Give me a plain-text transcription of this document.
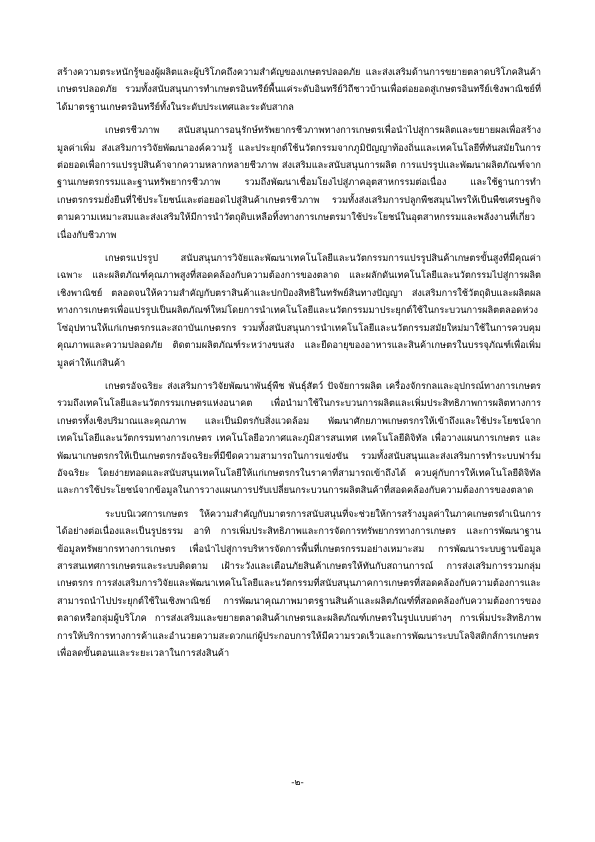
สร้างความตระหนักรู้ของผู้ผลิตและผู้บริโภคถึงความสำคัญของเกษตรปลอดภัย และส่งเสริมด้านการขยายตลาดบริโภคสินค้าเกษตรปลอดภัย รวมทั้งสนับสนุนการทำเกษตรอินทรีย์พื้นแค่ระดับอินทรีย์วิถีชาวบ้านเพื่อต่อยอดสู่เกษตรอินทรีย์เชิงพาณิชย์ที่ได้มาตรฐานเกษตรอินทรีย์ทั้งในระดับประเทศและระดับสากล

เกษตรชีวภาพ สนับสนุนการอนุรักษ์ทรัพยากรชีวภาพทางการเกษตรเพื่อนำไปสู่การผลิตและขยายผลเพื่อสร้างมูลค่าเพิ่ม ส่งเสริมการวิจัยพัฒนาองค์ความรู้ และประยุกต์ใช้นวัตกรรมจากภูมิปัญญาท้องถิ่นและเทคโนโลยีที่ทันสมัยในการต่อยอดเพื่อการแปรรูปสินค้าจากความหลากหลายชีวภาพ ส่งเสริมและสนับสนุนการผลิต การแปรรูปและพัฒนาผลิตภัณฑ์จากฐานเกษตรกรรมและฐานทรัพยากรชีวภาพ รวมถึงพัฒนาเชื่อมโยงไปสู่ภาคอุตสาหกรรมต่อเนื่อง และใช้ฐานการทำเกษตรกรรมยั่งยืนที่ใช้ประโยชน์และต่อยอดไปสู่สินค้าเกษตรชีวภาพ รวมทั้งส่งเสริมการปลูกพืชสมุนไพรให้เป็นพืชเศรษฐกิจตามความเหมาะสมและส่งเสริมให้มีการนำวัตถุดิบเหลือทิ้งทางการเกษตรมาใช้ประโยชน์ในอุตสาหกรรมและพลังงานที่เกี่ยวเนื่องกับชีวภาพ

เกษตรแปรรูป สนับสนุนการวิจัยและพัฒนาเทคโนโลยีและนวัตกรรมการแปรรูปสินค้าเกษตรขั้นสูงที่มีคุณค่าเฉพาะ และผลิตภัณฑ์คุณภาพสูงที่สอดคล้องกับความต้องการของตลาด และผลักดันเทคโนโลยีและนวัตกรรมไปสู่การผลิตเชิงพาณิชย์ ตลอดจนให้ความสำคัญกับตราสินค้าและปกป้องสิทธิในทรัพย์สินทางปัญญา ส่งเสริมการใช้วัตถุดิบและผลิตผลทางการเกษตรเพื่อแปรรูปเป็นผลิตภัณฑ์ใหม่โดยการนำเทคโนโลยีและนวัตกรรมมาประยุกต์ใช้ในกระบวนการผลิตตลอดห่วงโซ่อุปทานให้แก่เกษตรกรและสถาบันเกษตรกร รวมทั้งสนับสนุนการนำเทคโนโลยีและนวัตกรรมสมัยใหม่มาใช้ในการควบคุมคุณภาพและความปลอดภัย ติดตามผลิตภัณฑ์ระหว่างขนส่ง และยืดอายุของอาหารและสินค้าเกษตรในบรรจุภัณฑ์เพื่อเพิ่มมูลค่าให้แก่สินค้า

เกษตรอัจฉริยะ ส่งเสริมการวิจัยพัฒนาพันธุ์พืช พันธุ์สัตว์ ปัจจัยการผลิต เครื่องจักรกลและอุปกรณ์ทางการเกษตร รวมถึงเทคโนโลยีและนวัตกรรมเกษตรแห่งอนาคต เพื่อนำมาใช้ในกระบวนการผลิตและเพิ่มประสิทธิภาพการผลิตทางการเกษตรทั้งเชิงปริมาณและคุณภาพ และเป็นมิตรกับสิ่งแวดล้อม พัฒนาศักยภาพเกษตรกรให้เข้าถึงและใช้ประโยชน์จากเทคโนโลยีและนวัตกรรมทางการเกษตร เทคโนโลยีอวกาศและภูมิสารสนเทศ เทคโนโลยีดิจิทัล เพื่อวางแผนการเกษตร และพัฒนาเกษตรกรให้เป็นเกษตรกรอัจฉริยะที่มีขีดความสามารถในการแข่งขัน รวมทั้งสนับสนุนและส่งเสริมการทำระบบฟาร์มอัจฉริยะ โดยง่ายทอดและสนับสนุนเทคโนโลยีให้แก่เกษตรกรในราคาที่สามารถเข้าถึงได้ ควบคู่กับการให้เทคโนโลยีดิจิทัลและการใช้ประโยชน์จากข้อมูลในการวางแผนการปรับเปลี่ยนกระบวนการผลิตสินค้าที่สอดคล้องกับความต้องการของตลาด

ระบบนิเวศการเกษตร ให้ความสำคัญกับมาตรการสนับสนุนที่จะช่วยให้การสร้างมูลค่าในภาคเกษตรดำเนินการได้อย่างต่อเนื่องและเป็นรูปธรรม อาทิ การเพิ่มประสิทธิภาพและการจัดการทรัพยากรทางการเกษตร และการพัฒนาฐานข้อมูลทรัพยากรทางการเกษตร เพื่อนำไปสู่การบริหารจัดการพื้นที่เกษตรกรรมอย่างเหมาะสม การพัฒนาระบบฐานข้อมูลสารสนเทศการเกษตรและระบบติดตาม เฝ้าระวังและเตือนภัยสินค้าเกษตรให้ทันกับสถานการณ์ การส่งเสริมการรวมกลุ่มเกษตรกร การส่งเสริมการวิจัยและพัฒนาเทคโนโลยีและนวัตกรรมที่สนับสนุนภาคการเกษตรที่สอดคล้องกับความต้องการและสามารถนำไปประยุกต์ใช้ในเชิงพาณิชย์ การพัฒนาคุณภาพมาตรฐานสินค้าและผลิตภัณฑ์ที่สอดคล้องกับความต้องการของตลาดหรือกลุ่มผู้บริโภค การส่งเสริมและขยายตลาดสินค้าเกษตรและผลิตภัณฑ์เกษตรในรูปแบบต่างๆ การเพิ่มประสิทธิภาพการให้บริการทางการค้าและอำนวยความสะดวกแก่ผู้ประกอบการให้มีความรวดเร็วและการพัฒนาระบบโลจิสติกส์การเกษตร เพื่อลดขั้นตอนและระยะเวลาในการส่งสินค้า

-๒-
